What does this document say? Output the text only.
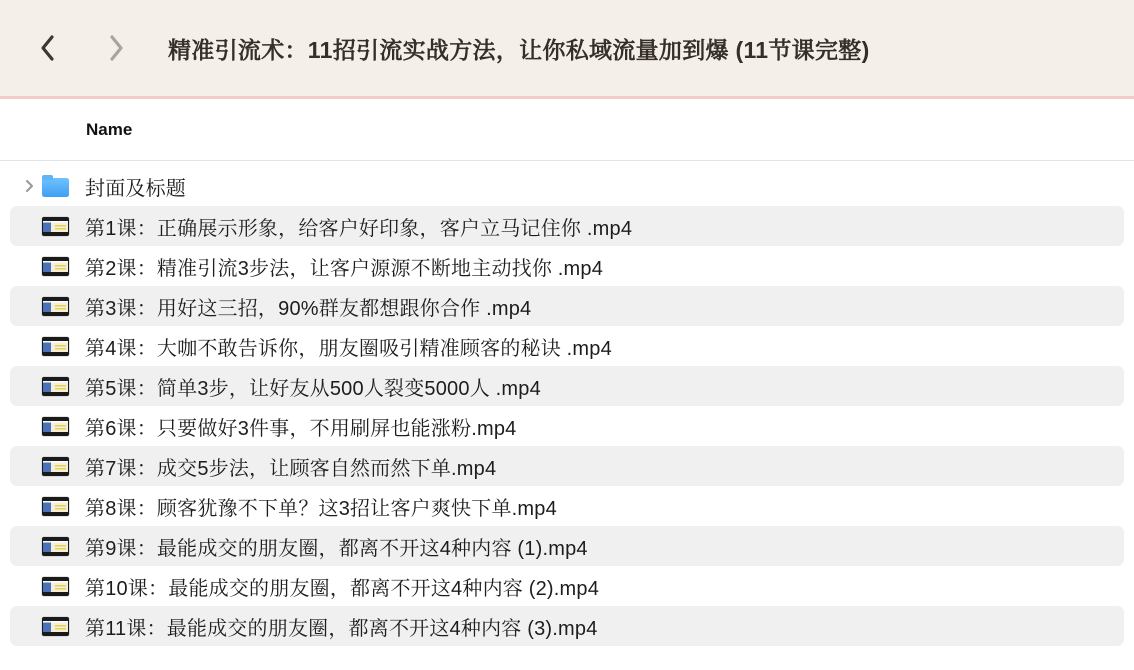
精准引流术：11招引流实战方法，让你私域流量加到爆 (11节课完整)
Name
封面及标题
第1课：正确展示形象，给客户好印象，客户立马记住你 .mp4
第2课：精准引流3步法，让客户源源不断地主动找你 .mp4
第3课：用好这三招，90%群友都想跟你合作 .mp4
第4课：大咖不敢告诉你，朋友圈吸引精准顾客的秘诀 .mp4
第5课：简单3步，让好友从500人裂变5000人 .mp4
第6课：只要做好3件事，不用刷屏也能涨粉.mp4
第7课：成交5步法，让顾客自然而然下单.mp4
第8课：顾客犹豫不下单？这3招让客户爽快下单.mp4
第9课：最能成交的朋友圈，都离不开这4种内容 (1).mp4
第10课：最能成交的朋友圈，都离不开这4种内容 (2).mp4
第11课：最能成交的朋友圈，都离不开这4种内容 (3).mp4
